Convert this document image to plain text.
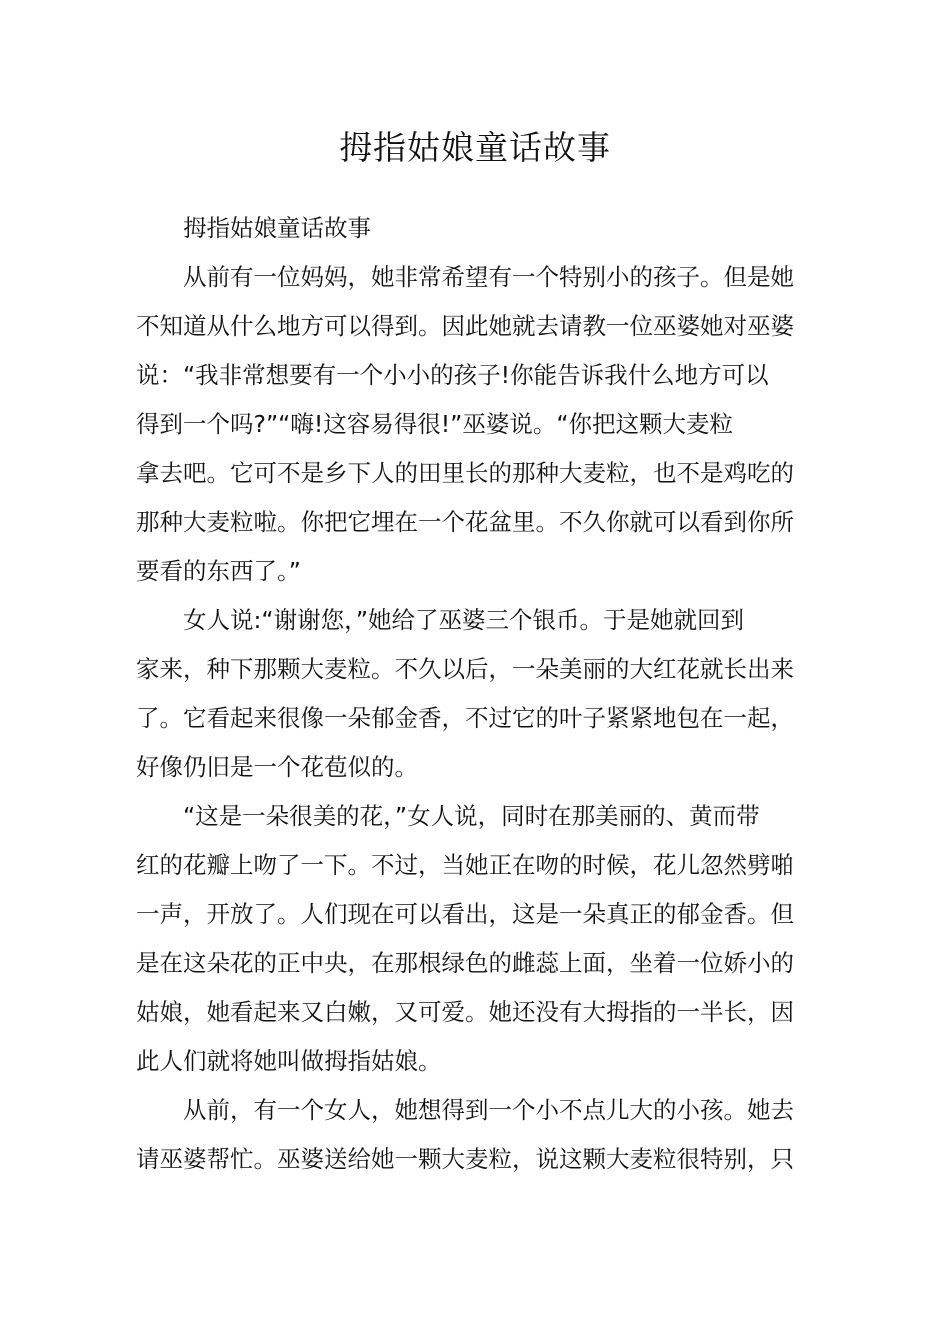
拇指姑娘童话故事

拇指姑娘童话故事

从前有一位妈妈，她非常希望有一个特别小的孩子。但是她
不知道从什么地方可以得到。因此她就去请教一位巫婆她对巫婆
说：“我非常想要有一个小小的孩子!你能告诉我什么地方可以
得到一个吗?”“嗨!这容易得很!”巫婆说。“你把这颗大麦粒
拿去吧。它可不是乡下人的田里长的那种大麦粒，也不是鸡吃的
那种大麦粒啦。你把它埋在一个花盆里。不久你就可以看到你所
要看的东西了。”

女人说:“谢谢您，”她给了巫婆三个银币。于是她就回到
家来，种下那颗大麦粒。不久以后，一朵美丽的大红花就长出来
了。它看起来很像一朵郁金香，不过它的叶子紧紧地包在一起，
好像仍旧是一个花苞似的。

“这是一朵很美的花，”女人说，同时在那美丽的、黄而带
红的花瓣上吻了一下。不过，当她正在吻的时候，花儿忽然劈啪
一声，开放了。人们现在可以看出，这是一朵真正的郁金香。但
是在这朵花的正中央，在那根绿色的雌蕊上面，坐着一位娇小的
姑娘，她看起来又白嫩，又可爱。她还没有大拇指的一半长，因
此人们就将她叫做拇指姑娘。

从前，有一个女人，她想得到一个小不点儿大的小孩。她去
请巫婆帮忙。巫婆送给她一颗大麦粒，说这颗大麦粒很特别，只
